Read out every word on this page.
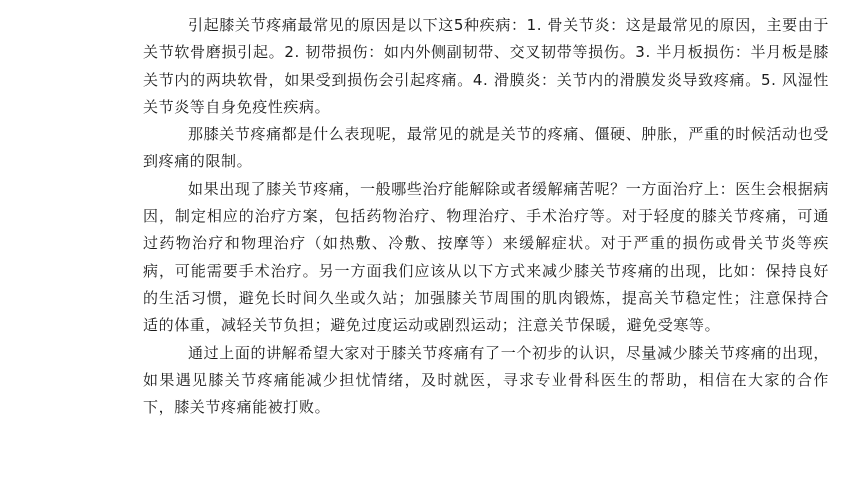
引起膝关节疼痛最常见的原因是以下这5种疾病：1. 骨关节炎：这是最常见的原因，主要由于关节软骨磨损引起。2. 韧带损伤：如内外侧副韧带、交叉韧带等损伤。3. 半月板损伤：半月板是膝关节内的两块软骨，如果受到损伤会引起疼痛。4. 滑膜炎：关节内的滑膜发炎导致疼痛。5. 风湿性关节炎等自身免疫性疾病。

那膝关节疼痛都是什么表现呢，最常见的就是关节的疼痛、僵硬、肿胀，严重的时候活动也受到疼痛的限制。

如果出现了膝关节疼痛，一般哪些治疗能解除或者缓解痛苦呢？一方面治疗上：医生会根据病因，制定相应的治疗方案，包括药物治疗、物理治疗、手术治疗等。对于轻度的膝关节疼痛，可通过药物治疗和物理治疗（如热敷、冷敷、按摩等）来缓解症状。对于严重的损伤或骨关节炎等疾病，可能需要手术治疗。另一方面我们应该从以下方式来减少膝关节疼痛的出现，比如：保持良好的生活习惯，避免长时间久坐或久站；加强膝关节周围的肌肉锻炼，提高关节稳定性；注意保持合适的体重，减轻关节负担；避免过度运动或剧烈运动；注意关节保暖，避免受寒等。

通过上面的讲解希望大家对于膝关节疼痛有了一个初步的认识，尽量减少膝关节疼痛的出现，如果遇见膝关节疼痛能减少担忧情绪，及时就医，寻求专业骨科医生的帮助，相信在大家的合作下，膝关节疼痛能被打败。
